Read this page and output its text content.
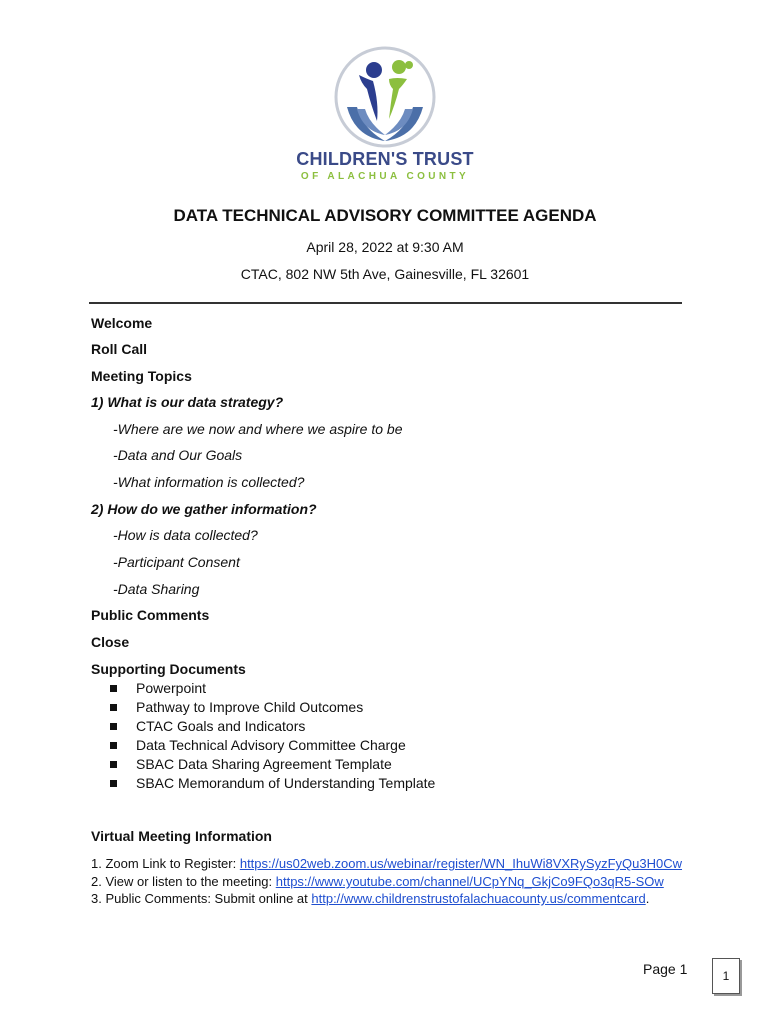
CHILDREN'S TRUST
OF ALACHUA COUNTY
DATA TECHNICAL ADVISORY COMMITTEE AGENDA
April 28, 2022 at 9:30 AM
CTAC, 802 NW 5th Ave, Gainesville, FL 32601
Welcome
Roll Call
Meeting Topics
1) What is our data strategy?
-Where are we now and where we aspire to be
-Data and Our Goals
-What information is collected?
2) How do we gather information?
-How is data collected?
-Participant Consent
-Data Sharing
Public Comments
Close
Supporting Documents
Powerpoint
Pathway to Improve Child Outcomes
CTAC Goals and Indicators
Data Technical Advisory Committee Charge
SBAC Data Sharing Agreement Template
SBAC Memorandum of Understanding Template
Virtual Meeting Information
1. Zoom Link to Register: https://us02web.zoom.us/webinar/register/WN_IhuWi8VXRySyzFyQu3H0Cw
2. View or listen to the meeting: https://www.youtube.com/channel/UCpYNq_GkjCo9FQo3qR5-SOw
3. Public Comments: Submit online at http://www.childrenstrustofalachuacounty.us/commentcard.
Page 1	1
